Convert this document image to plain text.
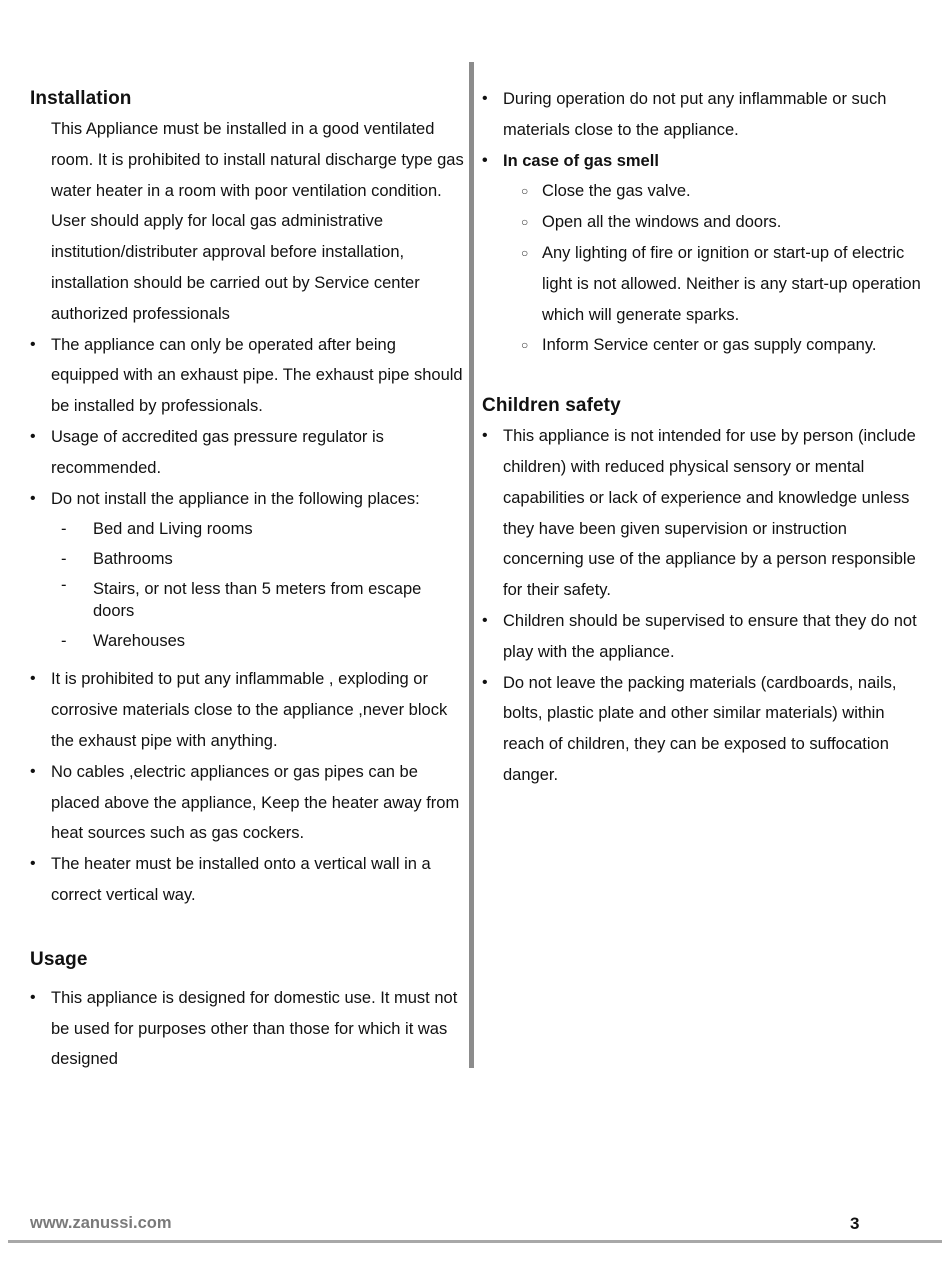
Installation

This Appliance must be installed in a good ventilated room. It is prohibited to install natural discharge type gas water heater in a room with poor ventilation condition. User should apply for local gas administrative institution/distributer approval before installation, installation should be carried out by Service center authorized professionals

• The appliance can only be operated after being equipped with an exhaust pipe. The exhaust pipe should be installed by professionals.
• Usage of accredited gas pressure regulator is recommended.
• Do not install the appliance in the following places:
- Bed and Living rooms
- Bathrooms
- Stairs, or not less than 5 meters from escape doors
- Warehouses
• It is prohibited to put any inflammable , exploding or corrosive materials close to the appliance ,never block the exhaust pipe with anything.
• No cables ,electric appliances or gas pipes can be placed above the appliance, Keep the heater away from heat sources such as gas cockers.
• The heater must be installed onto a vertical wall in a correct vertical way.
Usage
• This appliance is designed for domestic use. It must not be used for purposes other than those for which it was designed
• During operation do not put any inflammable or such materials close to the appliance.
• In case of gas smell
○ Close the gas valve.
○ Open all the windows and doors.
○ Any lighting of fire or ignition or start-up of electric light is not allowed. Neither is any start-up operation which will generate sparks.
○ Inform Service center or gas supply company.
Children safety
• This appliance is not intended for use by person (include children) with reduced physical sensory or mental capabilities or lack of experience and knowledge unless they have been given supervision or instruction concerning use of the appliance by a person responsible for their safety.
• Children should be supervised to ensure that they do not play with the appliance.
• Do not leave the packing materials (cardboards, nails, bolts, plastic plate and other similar materials) within reach of children, they can be exposed to suffocation danger.
www.zanussi.com	3
